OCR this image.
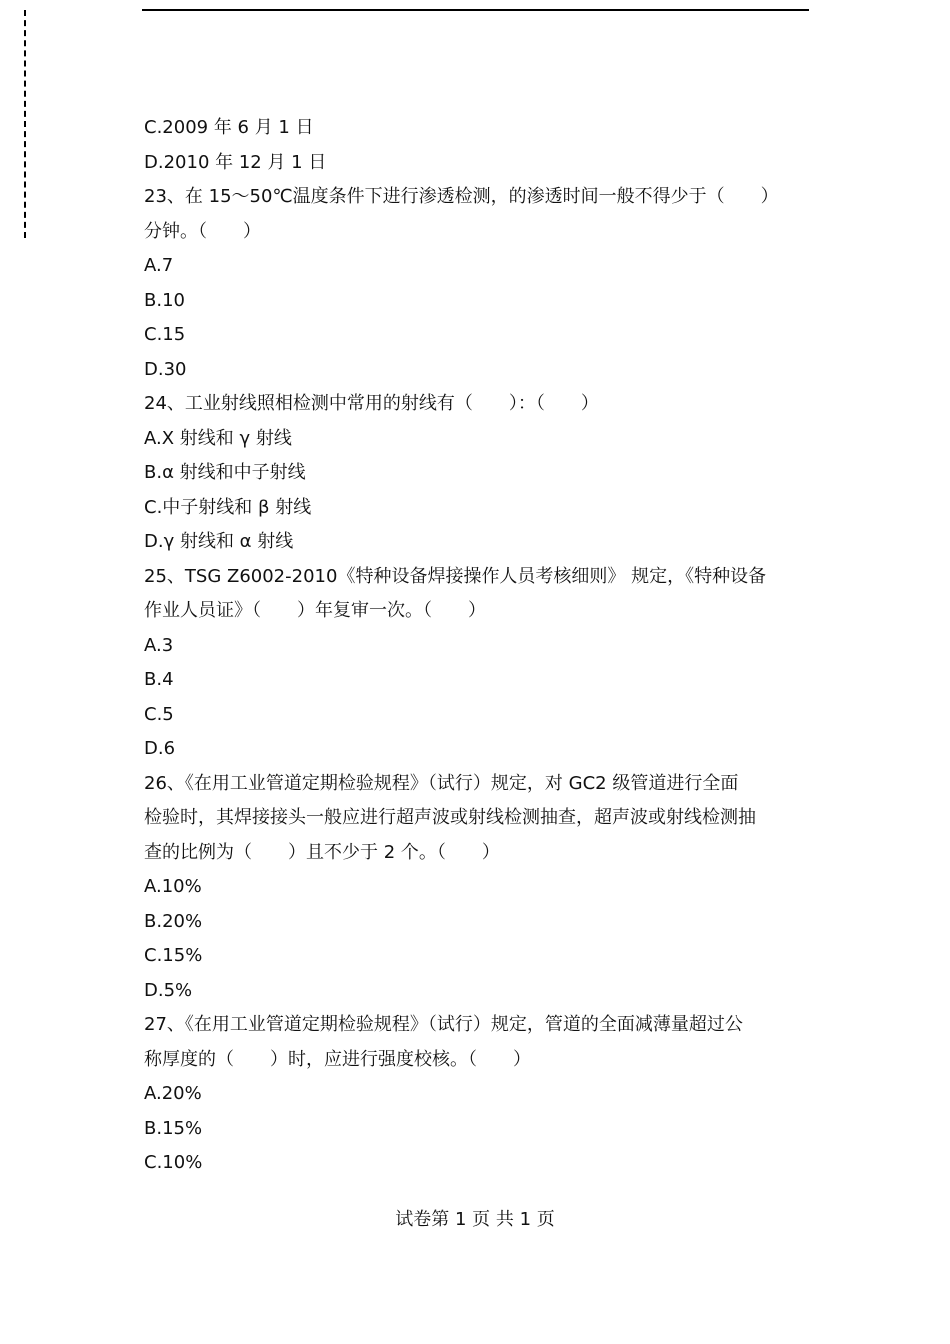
C.2009 年 6 月 1 日
D.2010 年 12 月 1 日
23、在 15～50℃温度条件下进行渗透检测，的渗透时间一般不得少于（　　）
分钟。（　　）
A.7
B.10
C.15
D.30
24、工业射线照相检测中常用的射线有（　　）：（　　）
A.X 射线和 γ 射线
B.α 射线和中子射线
C.中子射线和 β 射线
D.γ 射线和 α 射线
25、TSG Z6002-2010《特种设备焊接操作人员考核细则》 规定，《特种设备
作业人员证》（　　）年复审一次。（　　）
A.3
B.4
C.5
D.6
26、《在用工业管道定期检验规程》（试行）规定，对 GC2 级管道进行全面
检验时，其焊接接头一般应进行超声波或射线检测抽查，超声波或射线检测抽
查的比例为（　　）且不少于 2 个。（　　）
A.10%
B.20%
C.15%
D.5%
27、《在用工业管道定期检验规程》（试行）规定，管道的全面减薄量超过公
称厚度的（　　）时，应进行强度校核。（　　）
A.20%
B.15%
C.10%
试卷第 1 页 共 1 页
